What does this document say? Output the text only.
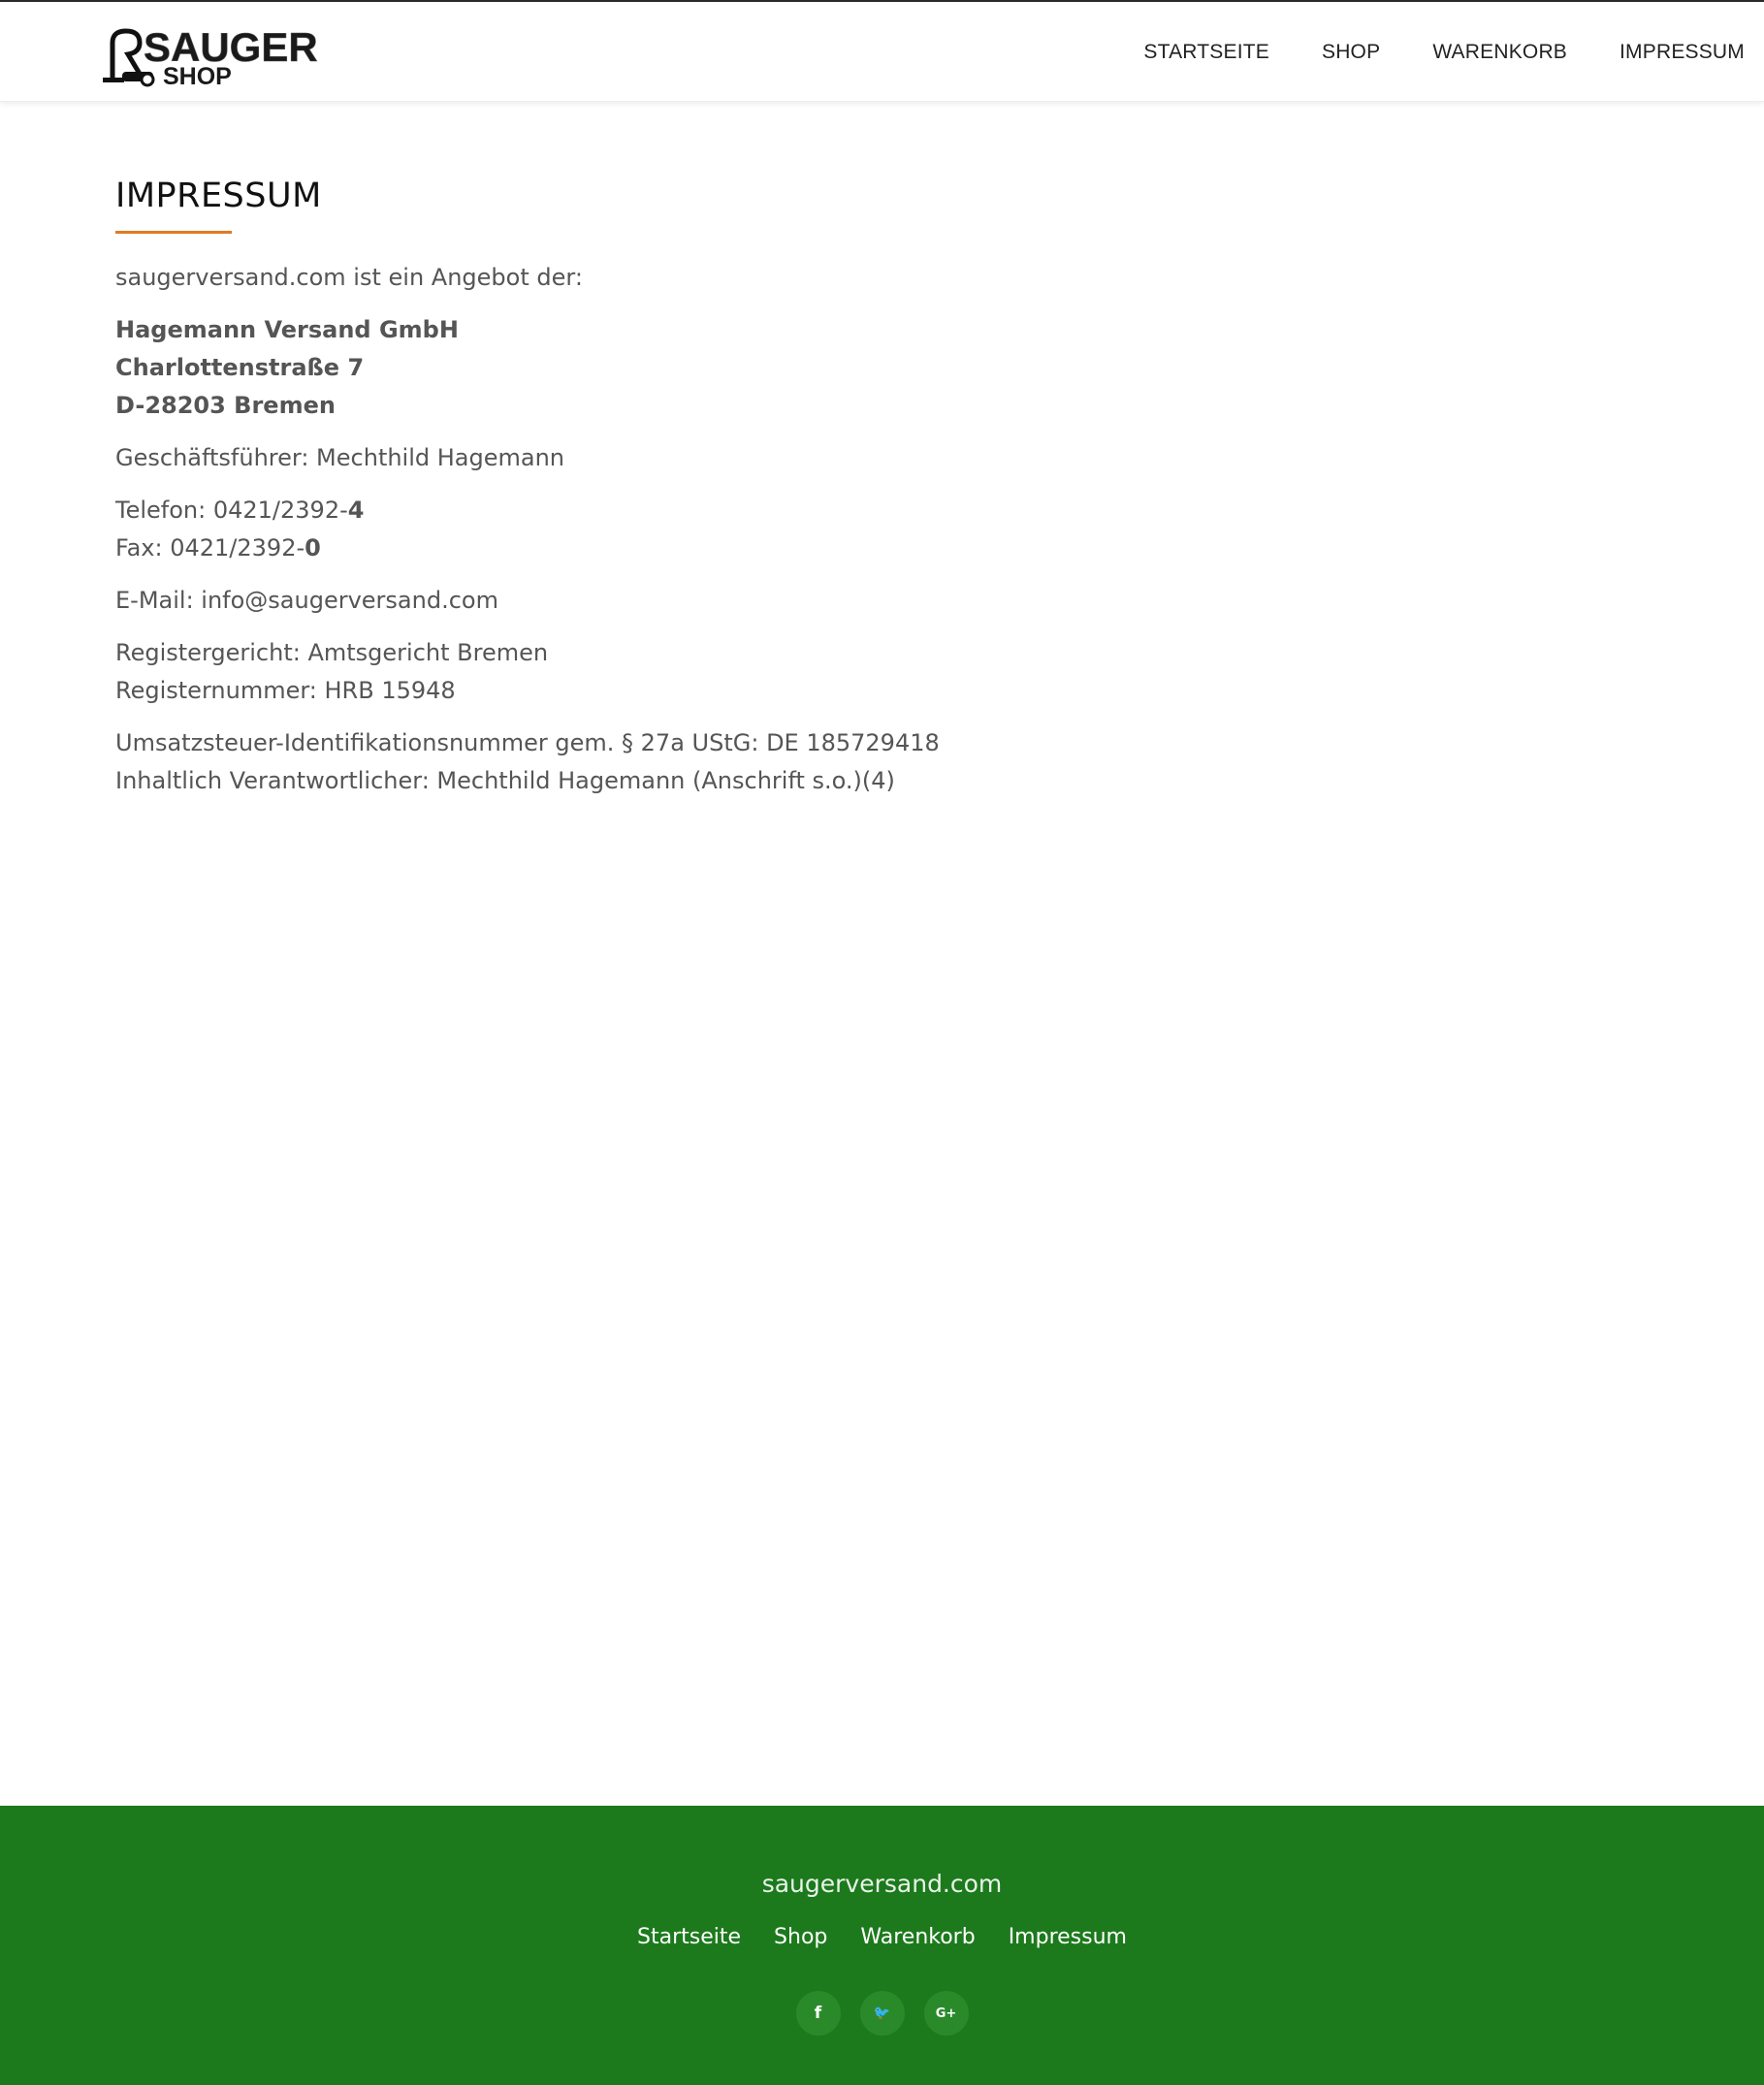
SAUGER
SHOP
STARTSEITE	SHOP	WARENKORB	IMPRESSUM
IMPRESSUM

saugerversand.com ist ein Angebot der:

Hagemann Versand GmbH
Charlottenstraße 7
D-28203 Bremen

Geschäftsführer: Mechthild Hagemann

Telefon: 0421/2392-4
Fax: 0421/2392-0

E-Mail: info@saugerversand.com

Registergericht: Amtsgericht Bremen
Registernummer: HRB 15948

Umsatzsteuer-Identifikationsnummer gem. § 27a UStG: DE 185729418
Inhaltlich Verantwortlicher: Mechthild Hagemann (Anschrift s.o.)(4)

saugerversand.com
Startseite Shop Warenkorb Impressum
f	🐦	G+
